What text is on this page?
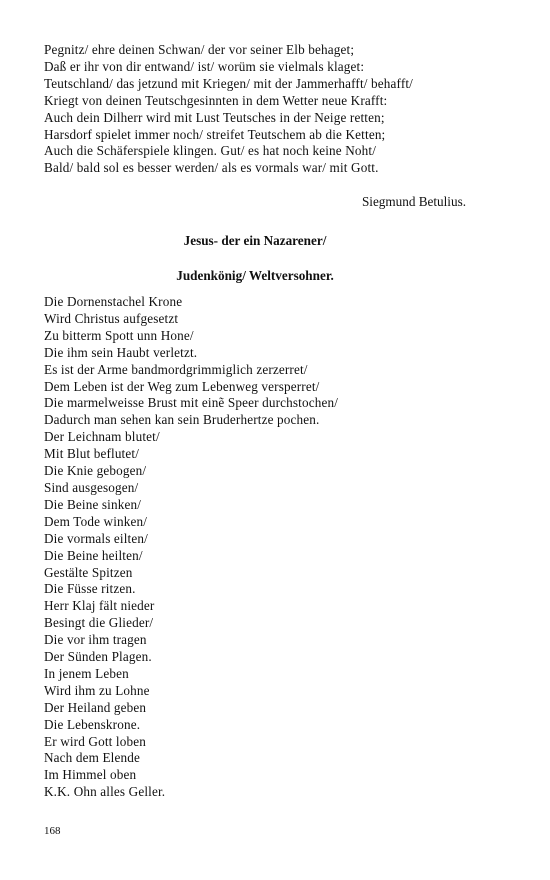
Pegnitz/ ehre deinen Schwan/ der vor seiner Elb behaget;
Daß er ihr von dir entwand/ ist/ worüm sie vielmals klaget:
Teutschland/ das jetzund mit Kriegen/ mit der Jammerhafft/ behafft/
Kriegt von deinen Teutschgesinnten in dem Wetter neue Krafft:
Auch dein Dilherr wird mit Lust Teutsches in der Neige retten;
Harsdorf spielet immer noch/ streifet Teutschem ab die Ketten;
Auch die Schäferspiele klingen. Gut/ es hat noch keine Noht/
Bald/ bald sol es besser werden/ als es vormals war/ mit Gott.
Siegmund Betulius.
Jesus- der ein Nazarener/
Judenkönig/ Weltversohner.
Die Dornenstachel Krone
Wird Christus aufgesetzt
Zu bitterm Spott unn Hone/
Die ihm sein Haubt verletzt.
Es ist der Arme bandmordgrimmiglich zerzerret/
Dem Leben ist der Weg zum Lebenweg versperret/
Die marmelweisse Brust mit einẽ Speer durchstochen/
Dadurch man sehen kan sein Bruderhertze pochen.
Der Leichnam blutet/
Mit Blut beflutet/
Die Knie gebogen/
Sind ausgesogen/
Die Beine sinken/
Dem Tode winken/
Die vormals eilten/
Die Beine heilten/
Gestälte Spitzen
Die Füsse ritzen.
Herr Klaj fält nieder
Besingt die Glieder/
Die vor ihm tragen
Der Sünden Plagen.
In jenem Leben
Wird ihm zu Lohne
Der Heiland geben
Die Lebenskrone.
Er wird Gott loben
Nach dem Elende
Im Himmel oben
K.K. Ohn alles Geller.
168
